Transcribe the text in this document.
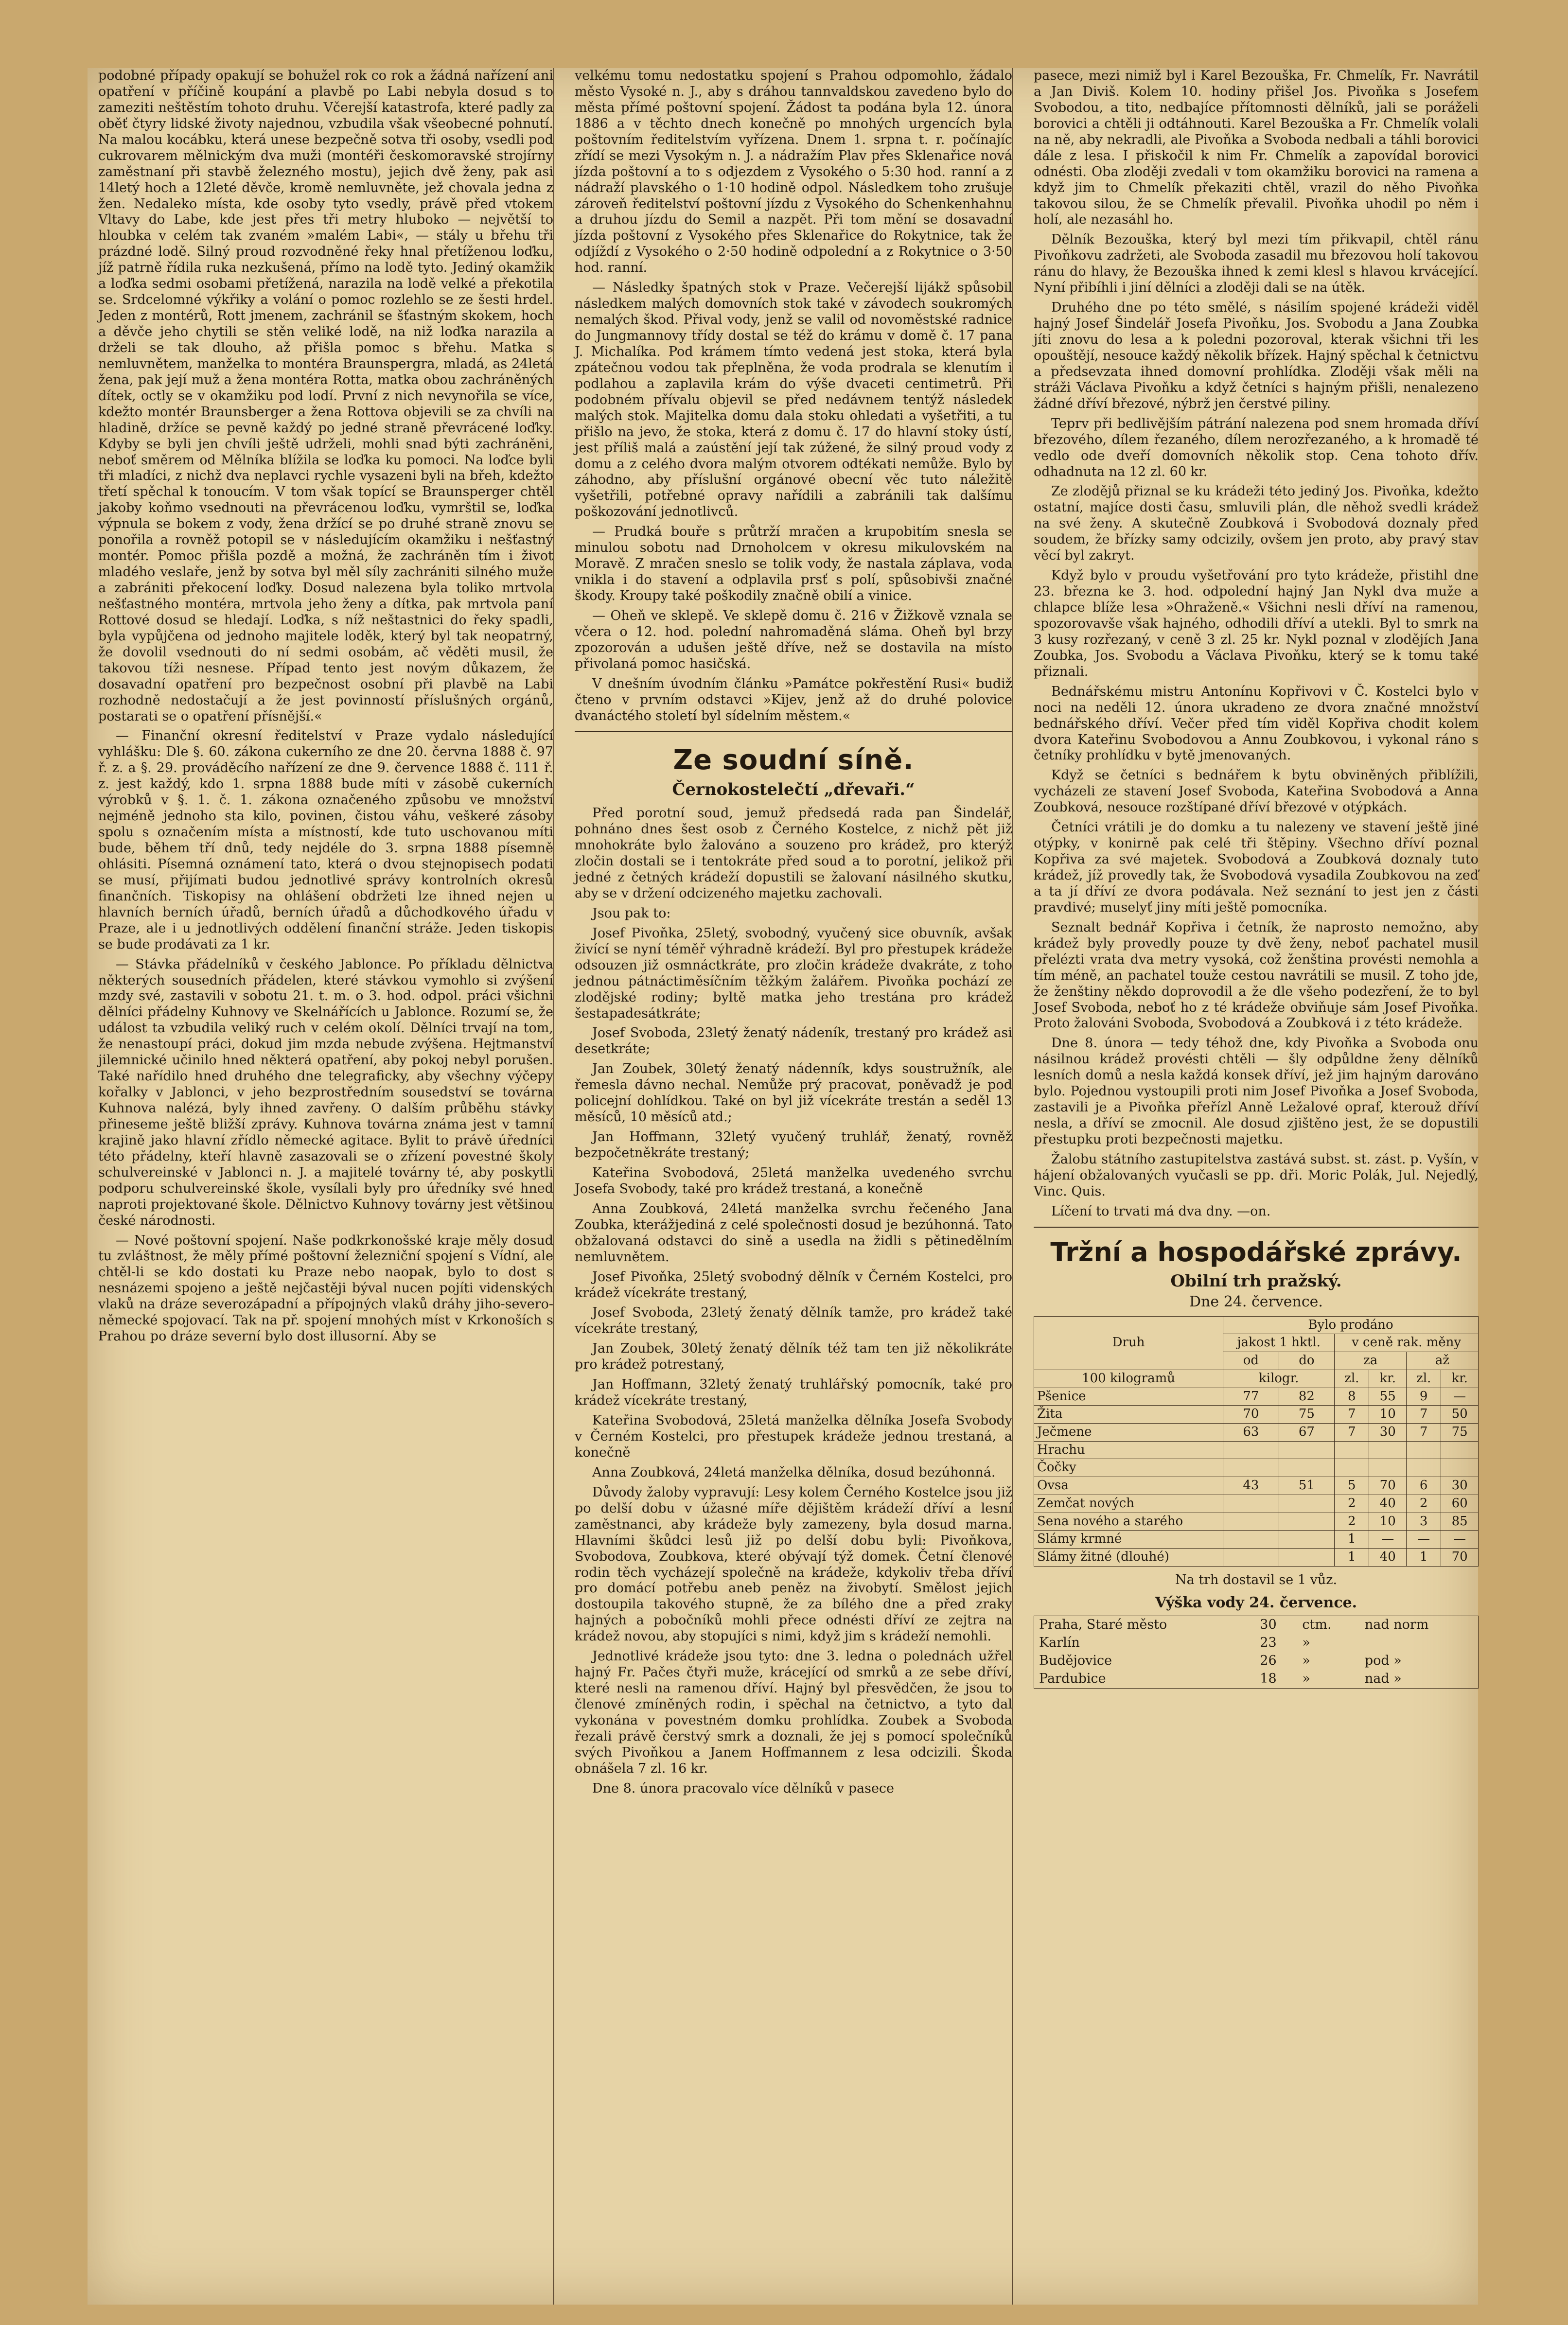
podobné případy opakují se bohužel rok co rok a žádná nařízení ani opatření v příčině koupání a plavbě po Labi nebyla dosud s to zameziti neštěstím tohoto druhu. Včerejší katastrofa, které padly za oběť čtyry lidské životy najednou, vzbudila však všeobecné pohnutí. Na malou kocábku, která unese bezpečně sotva tři osoby, vsedli pod cukrovarem mělnickým dva muži (montéři českomoravské strojírny zaměstnaní při stavbě železného mostu), jejich dvě ženy, pak asi 14letý hoch a 12leté děvče, kromě nemluvněte, jež chovala jedna z žen. Nedaleko místa, kde osoby tyto vsedly, právě před vtokem Vltavy do Labe, kde jest přes tři metry hluboko — největší to hloubka v celém tak zvaném »malém Labi«, — stály u břehu tři prázdné lodě. Silný proud rozvodněné řeky hnal přetíženou loďku, jíž patrně řídila ruka nezkušená, přímo na lodě tyto. Jediný okamžik a loďka sedmi osobami přetížená, narazila na lodě velké a překotila se. Srdcelomné výkřiky a volání o pomoc rozlehlo se ze šesti hrdel. Jeden z montérů, Rott jmenem, zachránil se šťastným skokem, hoch a děvče jeho chytili se stěn veliké lodě, na niž loďka narazila a drželi se tak dlouho, až přišla pomoc s břehu. Matka s nemluvnětem, manželka to montéra Braunspergra, mladá, as 24letá žena, pak její muž a žena montéra Rotta, matka obou zachráněných dítek, octly se v okamžiku pod lodí. První z nich nevynořila se více, kdežto montér Braunsberger a žena Rottova objevili se za chvíli na hladině, držíce se pevně každý po jedné straně převrácené loďky. Kdyby se byli jen chvíli ještě udrželi, mohli snad býti zachráněni, neboť směrem od Mělníka blížila se loďka ku pomoci. Na loďce byli tři mladíci, z nichž dva neplavci rychle vysazeni byli na břeh, kdežto třetí spěchal k tonoucím. V tom však topící se Braunsperger chtěl jakoby koňmo vsednouti na převrácenou loďku, vymrštil se, loďka výpnula se bokem z vody, žena držící se po druhé straně znovu se ponořila a rovněž potopil se v následujícím okamžiku i nešťastný montér. Pomoc přišla pozdě a možná, že zachráněn tím i život mladého veslaře, jenž by sotva byl měl síly zachrániti silného muže a zabrániti překocení loďky. Dosud nalezena byla toliko mrtvola nešťastného montéra, mrtvola jeho ženy a dítka, pak mrtvola paní Rottové dosud se hledají. Loďka, s níž neštastnici do řeky spadli, byla vypůjčena od jednoho majitele loděk, který byl tak neopatrný, že dovolil vsednouti do ní sedmi osobám, ač věděti musil, že takovou tíži nesnese. Případ tento jest novým důkazem, že dosavadní opatření pro bezpečnost osobní při plavbě na Labi rozhodně nedostačují a že jest povinností příslušných orgánů, postarati se o opatření přísnější.«

— Finanční okresní ředitelství v Praze vydalo následující vyhlášku: Dle §. 60. zákona cukerního ze dne 20. června 1888 č. 97 ř. z. a §. 29. prováděcího nařízení ze dne 9. července 1888 č. 111 ř. z. jest každý, kdo 1. srpna 1888 bude míti v zásobě cukerních výrobků v §. 1. č. 1. zákona označeného způsobu ve množství nejméně jednoho sta kilo, povinen, čistou váhu, veškeré zásoby spolu s označením místa a místností, kde tuto uschovanou míti bude, během tří dnů, tedy nejdéle do 3. srpna 1888 písemně ohlásiti. Písemná oznámení tato, která o dvou stejnopisech podati se musí, přijímati budou jednotlivé správy kontrolních okresů finančních. Tiskopisy na ohlášení obdržeti lze ihned nejen u hlavních berních úřadů, berních úřadů a důchodkového úřadu v Praze, ale i u jednotlivých oddělení finanční stráže. Jeden tiskopis se bude prodávati za 1 kr.

— Stávka přádelníků v českého Jablonce. Po příkladu dělnictva některých sousedních přádelen, které stávkou vymohlo si zvýšení mzdy své, zastavili v sobotu 21. t. m. o 3. hod. odpol. práci všichni dělníci přádelny Kuhnovy ve Skelnářících u Jablonce. Rozumí se, že událost ta vzbudila veliký ruch v celém okolí. Dělníci trvají na tom, že nenastoupí práci, dokud jim mzda nebude zvýšena. Hejtmanství jilemnické učinilo hned některá opatření, aby pokoj nebyl porušen. Také nařídilo hned druhého dne telegraficky, aby všechny výčepy kořalky v Jablonci, v jeho bezprostředním sousedství se továrna Kuhnova nalézá, byly ihned zavřeny. O dalším průběhu stávky přineseme ještě bližší zprávy. Kuhnova továrna známa jest v tamní krajině jako hlavní zřídlo německé agitace. Bylit to právě úředníci této přádelny, kteří hlavně zasazovali se o zřízení povestné školy schulvereinské v Jablonci n. J. a majitelé továrny té, aby poskytli podporu schulvereinské škole, vysílali byly pro úředníky své hned naproti projektované škole. Dělnictvo Kuhnovy továrny jest většinou české národnosti.

— Nové poštovní spojení. Naše podkrkonošské kraje měly dosud tu zvláštnost, že měly přímé poštovní železniční spojení s Vídní, ale chtěl-li se kdo dostati ku Praze nebo naopak, bylo to dost s nesnázemi spojeno a ještě nejčastěji býval nucen pojíti videnských vlaků na dráze severozápadní a přípojných vlaků dráhy jiho-severo-německé spojovací. Tak na př. spojení mnohých míst v Krkonoších s Prahou po dráze severní bylo dost illusorní. Aby se

velkému tomu nedostatku spojení s Prahou odpomohlo, žádalo město Vysoké n. J., aby s dráhou tannvaldskou zavedeno bylo do města přímé poštovní spojení. Žádost ta podána byla 12. února 1886 a v těchto dnech konečně po mnohých urgencích byla poštovním ředitelstvím vyřízena. Dnem 1. srpna t. r. počínajíc zřídí se mezi Vysokým n. J. a nádražím Plav přes Sklenařice nová jízda poštovní a to s odjezdem z Vysokého o 5:30 hod. ranní a z nádraží plavského o 1·10 hodině odpol. Následkem toho zrušuje zároveň ředitelství poštovní jízdu z Vysokého do Schenkenhahnu a druhou jízdu do Semil a nazpět. Při tom mění se dosavadní jízda poštovní z Vysokého přes Sklenařice do Rokytnice, tak že odjíždí z Vysokého o 2·50 hodině odpolední a z Rokytnice o 3·50 hod. ranní.

— Následky špatných stok v Praze. Večerejší lijákž spůsobil následkem malých domovních stok také v závodech soukromých nemalých škod. Přival vody, jenž se valil od novoměstské radnice do Jungmannovy třídy dostal se též do krámu v domě č. 17 pana J. Michalíka. Pod krámem tímto vedená jest stoka, která byla zpátečnou vodou tak přeplněna, že voda prodrala se klenutím i podlahou a zaplavila krám do výše dvaceti centimetrů. Při podobném přívalu objevil se před nedávnem tentýž následek malých stok. Majitelka domu dala stoku ohledati a vyšetřiti, a tu přišlo na jevo, že stoka, která z domu č. 17 do hlavní stoky ústí, jest příliš malá a zaústění její tak zúžené, že silný proud vody z domu a z celého dvora malým otvorem odtékati nemůže. Bylo by záhodno, aby příslušní orgánové obecní věc tuto náležitě vyšetřili, potřebné opravy nařídili a zabránili tak dalšímu poškozování jednotlivců.

— Prudká bouře s průtrží mračen a krupobitím snesla se minulou sobotu nad Drnoholcem v okresu mikulovském na Moravě. Z mračen sneslo se tolik vody, že nastala záplava, voda vnikla i do stavení a odplavila prsť s polí, spůsobivši značné škody. Kroupy také poškodily značně obilí a vinice.

— Oheň ve sklepě. Ve sklepě domu č. 216 v Žižkově vznala se včera o 12. hod. polední nahromaděná sláma. Oheň byl brzy zpozorován a udušen ještě dříve, než se dostavila na místo přivolaná pomoc hasičská.

V dnešním úvodním článku »Památce pokřestění Rusi« budiž čteno v prvním odstavci »Kijev, jenž až do druhé polovice dvanáctého století byl sídelním městem.«

Ze soudní síně.
Černokostelečtí „dřevaři.“

Před porotní soud, jemuž předsedá rada pan Šindelář, pohnáno dnes šest osob z Černého Kostelce, z nichž pět již mnohokráte bylo žalováno a souzeno pro krádež, pro kterýž zločin dostali se i tentokráte před soud a to porotní, jelikož při jedné z četných krádeží dopustili se žalovaní násilného skutku, aby se v držení odcizeného majetku zachovali.

Jsou pak to:

Josef Pivoňka, 25letý, svobodný, vyučený sice obuvník, avšak živící se nyní téměř výhradně krádeží. Byl pro přestupek krádeže odsouzen již osmnáctkráte, pro zločin krádeže dvakráte, z toho jednou pátnáctiměsíčním těžkým žalářem. Pivoňka pochází ze zlodějské rodiny; byltě matka jeho trestána pro krádež šestapadesátkráte;

Josef Svoboda, 23letý ženatý nádeník, trestaný pro krádež asi desetkráte;

Jan Zoubek, 30letý ženatý nádenník, kdys soustružník, ale řemesla dávno nechal. Nemůže prý pracovat, poněvadž je pod policejní dohlídkou. Také on byl již vícekráte trestán a seděl 13 měsíců, 10 měsíců atd.;

Jan Hoffmann, 32letý vyučený truhlář, ženatý, rovněž bezpočetněkráte trestaný;

Kateřina Svobodová, 25letá manželka uvedeného svrchu Josefa Svobody, také pro krádež trestaná, a konečně

Anna Zoubková, 24letá manželka svrchu řečeného Jana Zoubka, kterážjediná z celé společnosti dosud je bezúhonná. Tato obžalovaná odstavci do sině a usedla na židli s pětinedělním nemluvnětem.

Josef Pivoňka, 25letý svobodný dělník v Černém Kostelci, pro krádež vícekráte trestaný,

Josef Svoboda, 23letý ženatý dělník tamže, pro krádež také vícekráte trestaný,

Jan Zoubek, 30letý ženatý dělník též tam ten již několikráte pro krádež potrestaný,

Jan Hoffmann, 32letý ženatý truhlářský pomocník, také pro krádež vícekráte trestaný,

Kateřina Svobodová, 25letá manželka dělníka Josefa Svobody v Černém Kostelci, pro přestupek krádeže jednou trestaná, a konečně

Anna Zoubková, 24letá manželka dělníka, dosud bezúhonná.

Důvody žaloby vypravují: Lesy kolem Černého Kostelce jsou již po delší dobu v úžasné míře dějištěm krádeží dříví a lesní zaměstnanci, aby krádeže byly zamezeny, byla dosud marna. Hlavními škůdci lesů již po delší dobu byli: Pivoňkova, Svobodova, Zoubkova, které obývají týž domek. Četní členové rodin těch vycházejí společně na krádeže, kdykoliv třeba dříví pro domácí potřebu aneb peněz na živobytí. Smělost jejich dostoupila takového stupně, že za bílého dne a před zraky hajných a pobočníků mohli přece odnésti dříví ze zejtra na krádež novou, aby stopujíci s nimi, když jim s krádeží nemohli.

Jednotlivé krádeže jsou tyto: dne 3. ledna o polednách užřel hajný Fr. Pačes čtyři muže, krácející od smrků a ze sebe dříví, které nesli na ramenou dříví. Hajný byl přesvědčen, že jsou to členové zmíněných rodin, i spěchal na četnictvo, a tyto dal vykonána v povestném domku prohlídka. Zoubek a Svoboda řezali právě čerstvý smrk a doznali, že jej s pomocí společníků svých Pivoňkou a Janem Hoffmannem z lesa odcizili. Škoda obnášela 7 zl. 16 kr.

Dne 8. února pracovalo více dělníků v pasece

pasece, mezi nimiž byl i Karel Bezouška, Fr. Chmelík, Fr. Navrátil a Jan Diviš. Kolem 10. hodiny přišel Jos. Pivoňka s Josefem Svobodou, a tito, nedbajíce přítomnosti dělníků, jali se poráželi borovici a chtěli ji odtáhnouti. Karel Bezouška a Fr. Chmelík volali na ně, aby nekradli, ale Pivoňka a Svoboda nedbali a táhli borovici dále z lesa. I přiskočil k nim Fr. Chmelík a zapovídal borovici odnésti. Oba zloději zvedali v tom okamžiku borovici na ramena a když jim to Chmelík překaziti chtěl, vrazil do něho Pivoňka takovou silou, že se Chmelík převalil. Pivoňka uhodil po něm i holí, ale nezasáhl ho.

Dělník Bezouška, který byl mezi tím přikvapil, chtěl ránu Pivoňkovu zadržeti, ale Svoboda zasadil mu březovou holí takovou ránu do hlavy, že Bezouška ihned k zemi klesl s hlavou krvácející. Nyní přibíhli i jiní dělníci a zloději dali se na útěk.

Druhého dne po této smělé, s násilím spojené krádeži viděl hajný Josef Šindelář Josefa Pivoňku, Jos. Svobodu a Jana Zoubka jíti znovu do lesa a k poledni pozoroval, kterak všichni tři les opouštějí, nesouce každý několik břízek. Hajný spěchal k četnictvu a předsevzata ihned domovní prohlídka. Zloději však měli na stráži Václava Pivoňku a když četníci s hajným přišli, nenalezeno žádné dříví březové, nýbrž jen čerstvé piliny.

Teprv při bedlivějším pátrání nalezena pod snem hromada dříví březového, dílem řezaného, dílem nerozřezaného, a k hromadě té vedlo ode dveří domovních několik stop. Cena tohoto dřív. odhadnuta na 12 zl. 60 kr.

Ze zlodějů přiznal se ku krádeži této jediný Jos. Pivoňka, kdežto ostatní, majíce dosti času, smluvili plán, dle něhož svedli krádež na své ženy. A skutečně Zoubková i Svobodová doznaly před soudem, že břízky samy odcizily, ovšem jen proto, aby pravý stav věcí byl zakryt.

Když bylo v proudu vyšetřování pro tyto krádeže, přistihl dne 23. března ke 3. hod. odpolední hajný Jan Nykl dva muže a chlapce blíže lesa »Ohraženě.« Všichni nesli dříví na ramenou, spozorovavše však hajného, odhodili dříví a utekli. Byl to smrk na 3 kusy rozřezaný, v ceně 3 zl. 25 kr. Nykl poznal v zlodějích Jana Zoubka, Jos. Svobodu a Václava Pivoňku, který se k tomu také přiznali.

Bednářskému mistru Antonínu Kopřivovi v Č. Kostelci bylo v noci na neděli 12. února ukradeno ze dvora značné množství bednářského dříví. Večer před tím viděl Kopřiva chodit kolem dvora Kateřinu Svobodovou a Annu Zoubkovou, i vykonal ráno s četníky prohlídku v bytě jmenovaných.

Když se četníci s bednářem k bytu obviněných přiblížili, vycházeli ze stavení Josef Svoboda, Kateřina Svobodová a Anna Zoubková, nesouce rozštípané dříví březové v otýpkách.

Četníci vrátili je do domku a tu nalezeny ve stavení ještě jiné otýpky, v konirně pak celé tři štěpiny. Všechno dříví poznal Kopřiva za své majetek. Svobodová a Zoubková doznaly tuto krádež, jíž provedly tak, že Svobodová vysadila Zoubkovou na zeď a ta jí dříví ze dvora podávala. Než seznání to jest jen z části pravdivé; muselyť jiny míti ještě pomocníka.

Seznalt bednář Kopřiva i četník, že naprosto nemožno, aby krádež byly provedly pouze ty dvě ženy, neboť pachatel musil přelézti vrata dva metry vysoká, což ženština provésti nemohla a tím méně, an pachatel touže cestou navrátili se musil. Z toho jde, že ženštiny někdo doprovodil a že dle všeho podezření, že to byl Josef Svoboda, neboť ho z té krádeže obviňuje sám Josef Pivoňka. Proto žalováni Svoboda, Svobodová a Zoubková i z této krádeže.

Dne 8. února — tedy téhož dne, kdy Pivoňka a Svoboda onu násilnou krádež provésti chtěli — šly odpůldne ženy dělníků lesních domů a nesla každá konsek dříví, jež jim hajným darováno bylo. Pojednou vystoupili proti nim Josef Pivoňka a Josef Svoboda, zastavili je a Pivoňka přeřízl Anně Ležalové opraf, kterouž dříví nesla, a dříví se zmocnil. Ale dosud zjištěno jest, že se dopustili přestupku proti bezpečnosti majetku.

Žalobu státního zastupitelstva zastává subst. st. zást. p. Vyšín, v hájení obžalovaných vyučasli se pp. dři. Moric Polák, Jul. Nejedlý, Vinc. Quis.

Líčení to trvati má dva dny. —on.

Tržní a hospodářské zprávy.
Obilní trh pražský.
Dne 24. července.
Druh	Bylo prodáno					
	jakost 1 hktl.		v ceně rak. měny			
	od	do	za		až	
100 kilogramů	kilogr.		zl.	kr.	zl.	kr.
Pšenice	77	82	8	55	9	—
Žita	70	75	7	10	7	50
Ječmene	63	67	7	30	7	75
Hrachu						
Čočky						
Ovsa	43	51	5	70	6	30
Zemčat nových			2	40	2	60
Sena nového a starého			2	10	3	85
Slámy krmné			1	—	—	—
Slámy žitné (dlouhé)			1	40	1	70
Na trh dostavil se 1 vůz.
Výška vody 24. července.
Praha, Staré město	30	ctm.	nad norm
Karlín	23	»	
Budějovice	26	»	pod »
Pardubice	18	»	nad »
